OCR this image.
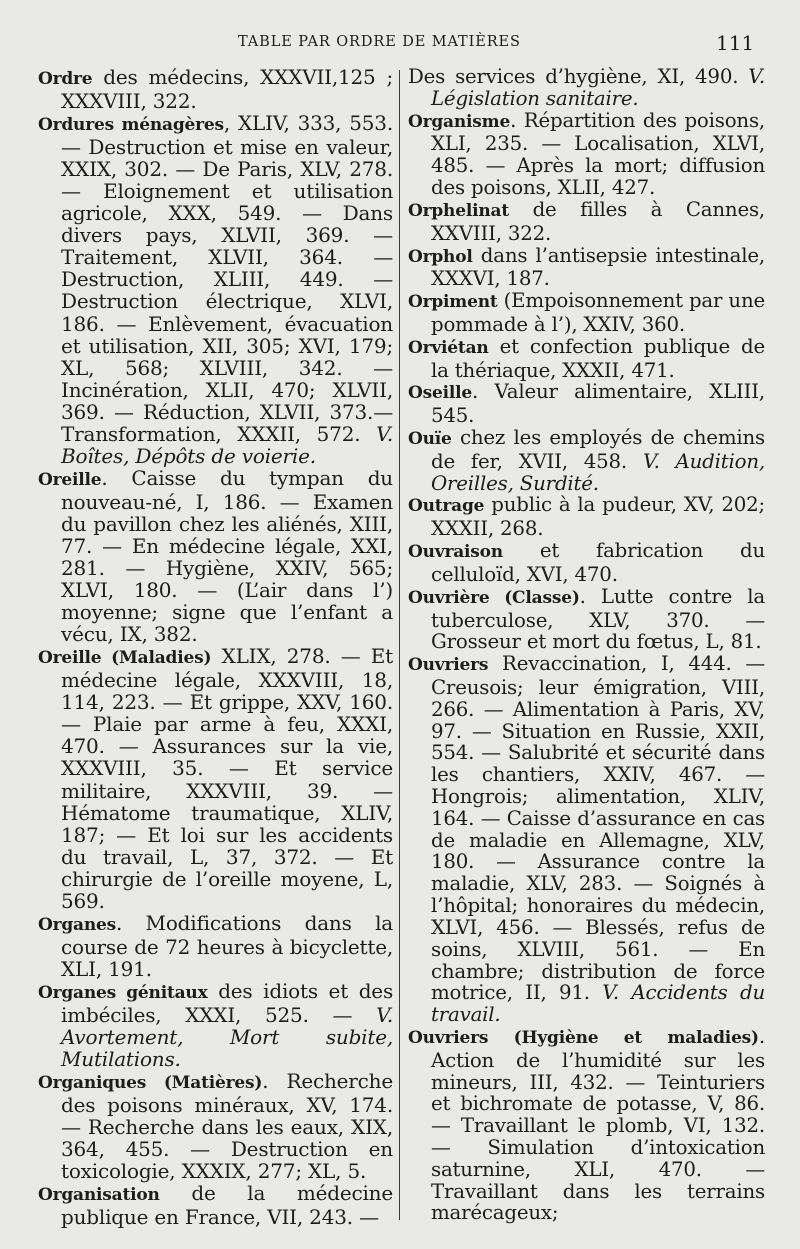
TABLE PAR ORDRE DE MATIÈRES	111
Ordre des médecins, XXXVII,125 ; XXXVIII, 322.
Ordures ménagères, XLIV, 333, 553. — Destruction et mise en valeur, XXIX, 302. — De Paris, XLV, 278. — Eloignement et utilisation agricole, XXX, 549. — Dans divers pays, XLVII, 369. — Traitement, XLVII, 364. — Destruction, XLIII, 449. — Destruction électrique, XLVI, 186. — Enlèvement, évacuation et utilisation, XII, 305; XVI, 179; XL, 568; XLVIII, 342. — Incinération, XLII, 470; XLVII, 369. — Réduction, XLVII, 373.— Transformation, XXXII, 572. V. Boîtes, Dépôts de voierie.
Oreille. Caisse du tympan du nouveau-né, I, 186. — Examen du pavillon chez les aliénés, XIII, 77. — En médecine légale, XXI, 281. — Hygiène, XXIV, 565; XLVI, 180. — (L’air dans l’) moyenne; signe que l’enfant a vécu, IX, 382.
Oreille (Maladies) XLIX, 278. — Et médecine légale, XXXVIII, 18, 114, 223. — Et grippe, XXV, 160. — Plaie par arme à feu, XXXI, 470. — Assurances sur la vie, XXXVIII, 35. — Et service militaire, XXXVIII, 39. — Hématome traumatique, XLIV, 187; — Et loi sur les accidents du travail, L, 37, 372. — Et chirurgie de l’oreille moyene, L, 569.
Organes. Modifications dans la course de 72 heures à bicyclette, XLI, 191.
Organes génitaux des idiots et des imbéciles, XXXI, 525. — V. Avortement, Mort subite, Mutilations.
Organiques (Matières). Recherche des poisons minéraux, XV, 174. — Recherche dans les eaux, XIX, 364, 455. — Destruction en toxicologie, XXXIX, 277; XL, 5.
Organisation de la médecine publique en France, VII, 243. —
Des services d’hygiène, XI, 490. V. Législation sanitaire.
Organisme. Répartition des poisons, XLI, 235. — Localisation, XLVI, 485. — Après la mort; diffusion des poisons, XLII, 427.
Orphelinat de filles à Cannes, XXVIII, 322.
Orphol dans l’antisepsie intestinale, XXXVI, 187.
Orpiment (Empoisonnement par une pommade à l’), XXIV, 360.
Orviétan et confection publique de la thériaque, XXXII, 471.
Oseille. Valeur alimentaire, XLIII, 545.
Ouïe chez les employés de chemins de fer, XVII, 458. V. Audition, Oreilles, Surdité.
Outrage public à la pudeur, XV, 202; XXXII, 268.
Ouvraison et fabrication du celluloïd, XVI, 470.
Ouvrière (Classe). Lutte contre la tuberculose, XLV, 370. — Grosseur et mort du fœtus, L, 81.
Ouvriers Revaccination, I, 444. — Creusois; leur émigration, VIII, 266. — Alimentation à Paris, XV, 97. — Situation en Russie, XXII, 554. — Salubrité et sécurité dans les chantiers, XXIV, 467. — Hongrois; alimentation, XLIV, 164. — Caisse d’assurance en cas de maladie en Allemagne, XLV, 180. — Assurance contre la maladie, XLV, 283. — Soignés à l’hôpital; honoraires du médecin, XLVI, 456. — Blessés, refus de soins, XLVIII, 561. — En chambre; distribution de force motrice, II, 91. V. Accidents du travail.
Ouvriers (Hygiène et maladies). Action de l’humidité sur les mineurs, III, 432. — Teinturiers et bichromate de potasse, V, 86. — Travaillant le plomb, VI, 132. — Simulation d’intoxication saturnine, XLI, 470. — Travaillant dans les terrains marécageux;
